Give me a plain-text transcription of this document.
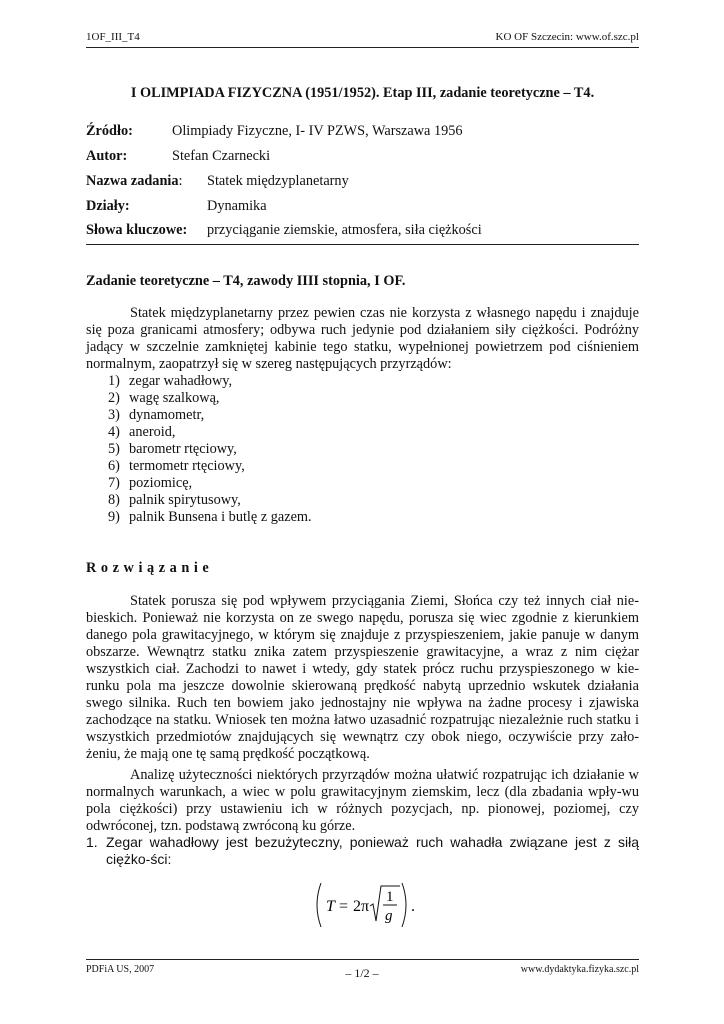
1OF_III_T4	KO OF Szczecin: www.of.szc.pl
I OLIMPIADA FIZYCZNA (1951/1952). Etap III, zadanie teoretyczne – T4.
Źródło:	Olimpiady Fizyczne, I- IV PZWS, Warszawa 1956
Autor:	Stefan Czarnecki
Nazwa zadania: Statek międzyplanetarny
Działy:	Dynamika
Słowa kluczowe: przyciąganie ziemskie, atmosfera, siła ciężkości
Zadanie teoretyczne – T4, zawody IIII stopnia, I OF.
Statek międzyplanetarny przez pewien czas nie korzysta z własnego napędu i znajduje się poza granicami atmosfery; odbywa ruch jedynie pod działaniem siły ciężkości. Podróżny jadący w szczelnie zamkniętej kabinie tego statku, wypełnionej powietrzem pod ciśnieniem normalnym, zaopatrzył się w szereg następujących przyrządów:
1) zegar wahadłowy,
2) wagę szalkową,
3) dynamometr,
4) aneroid,
5) barometr rtęciowy,
6) termometr rtęciowy,
7) poziomicę,
8) palnik spirytusowy,
9) palnik Bunsena i butlę z gazem.
R o z w i ą z a n i e
Statek porusza się pod wpływem przyciągania Ziemi, Słońca czy też innych ciał nie-bieskich. Ponieważ nie korzysta on ze swego napędu, porusza się wiec zgodnie z kierunkiem danego pola grawitacyjnego, w którym się znajduje z przyspieszeniem, jakie panuje w danym obszarze. Wewnątrz statku znika zatem przyspieszenie grawitacyjne, a wraz z nim ciężar wszystkich ciał. Zachodzi to nawet i wtedy, gdy statek prócz ruchu przyspieszonego w kie-runku pola ma jeszcze dowolnie skierowaną prędkość nabytą uprzednio wskutek działania swego silnika. Ruch ten bowiem jako jednostajny nie wpływa na żadne procesy i zjawiska zachodzące na statku. Wniosek ten można łatwo uzasadnić rozpatrując niezależnie ruch statku i wszystkich przedmiotów znajdujących się wewnątrz czy obok niego, oczywiście przy zało-żeniu, że mają one tę samą prędkość początkową.
Analizę użyteczności niektórych przyrządów można ułatwić rozpatrując ich działanie w normalnych warunkach, a wiec w polu grawitacyjnym ziemskim, lecz (dla zbadania wpły-wu pola ciężkości) przy ustawieniu ich w różnych pozycjach, np. pionowej, poziomej, czy odwróconej, tzn. podstawą zwróconą ku górze.
1. Zegar wahadłowy jest bezużyteczny, ponieważ ruch wahadła związane jest z siłą ciężko-ści:
T = 2π
1
g
.
PDFiA US, 2007	– 1/2 –	www.dydaktyka.fizyka.szc.pl
